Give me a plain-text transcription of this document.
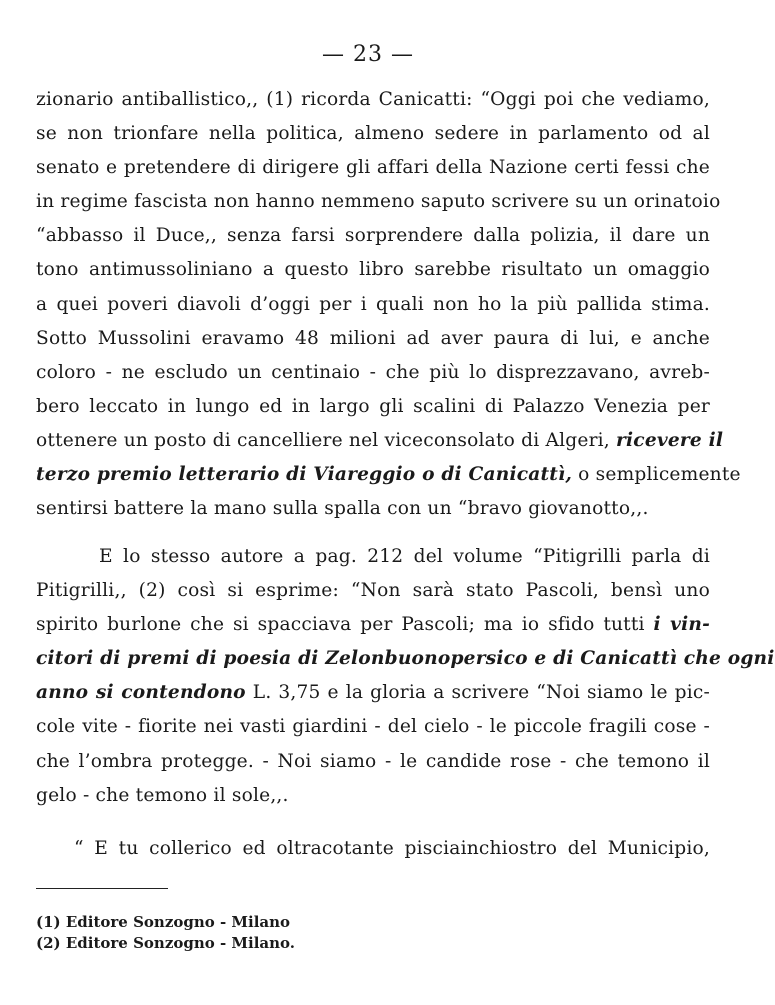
— 23 —
zionario antiballistico,, (1) ricorda Canicatti: “Oggi poi che vediamo,
se non trionfare nella politica, almeno sedere in parlamento od al
senato e pretendere di dirigere gli affari della Nazione certi fessi che
in regime fascista non hanno nemmeno saputo scrivere su un orinatoio
“abbasso il Duce,, senza farsi sorprendere dalla polizia, il dare un
tono antimussoliniano a questo libro sarebbe risultato un omaggio
a quei poveri diavoli d’oggi per i quali non ho la più pallida stima.
Sotto Mussolini eravamo 48 milioni ad aver paura di lui, e anche
coloro - ne escludo un centinaio - che più lo disprezzavano, avreb-
bero leccato in lungo ed in largo gli scalini di Palazzo Venezia per
ottenere un posto di cancelliere nel viceconsolato di Algeri, ricevere il
terzo premio letterario di Viareggio o di Canicattì, o semplicemente
sentirsi battere la mano sulla spalla con un “bravo giovanotto,,.
E lo stesso autore a pag. 212 del volume “Pitigrilli parla di
Pitigrilli,, (2) così si esprime: “Non sarà stato Pascoli, bensì uno
spirito burlone che si spacciava per Pascoli; ma io sfido tutti i vin-
citori di premi di poesia di Zelonbuonopersico e di Canicattì che ogni
anno si contendono L. 3,75 e la gloria a scrivere “Noi siamo le pic-
cole vite - fiorite nei vasti giardini - del cielo - le piccole fragili cose -
che l’ombra protegge. - Noi siamo - le candide rose - che temono il
gelo - che temono il sole,,.
“ E tu collerico ed oltracotante pisciainchiostro del Municipio,
(1) Editore Sonzogno - Milano
(2) Editore Sonzogno - Milano.
